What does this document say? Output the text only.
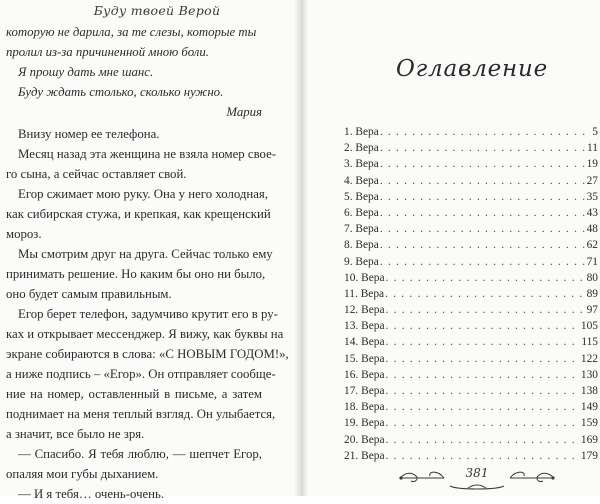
Буду твоей Верой
которую не дарила, за те слезы, которые ты
пролил из-за причиненной мною боли.
Я прошу дать мне шанс.
Буду ждать столько, сколько нужно.
Мария
Внизу номер ее телефона.
Месяц назад эта женщина не взяла номер свое-
го сына, а сейчас оставляет свой.
Егор сжимает мою руку. Она у него холодная,
как сибирская стужа, и крепкая, как крещенский
мороз.
Мы смотрим друг на друга. Сейчас только ему
принимать решение. Но каким бы оно ни было,
оно будет самым правильным.
Егор берет телефон, задумчиво крутит его в ру-
ках и открывает мессенджер. Я вижу, как буквы на
экране собираются в слова: «С НОВЫМ ГОДОМ!»,
а ниже подпись – «Егор». Он отправляет сообще-
ние на номер, оставленный в письме, а затем
поднимает на меня теплый взгляд. Он улыбается,
а значит, все было не зря.
— Спасибо. Я тебя люблю, — шепчет Егор,
опаляя мои губы дыханием.
— И я тебя… очень-очень.
Оглавление
1.
Вера . . .	5
2.
Вера . . .	11
3.
Вера . . .	19
4.
Вера . . .	27
5.
Вера . . .	35
6.
Вера . . .	43
7.
Вера . . .	48
8.
Вера . . .	62
9.
Вера . . .	71
10.
Вера . . .	80
11.
Вера . . .	89
12.
Вера . . .	97
13.
Вера . . .	105
14.
Вера . . .	115
15.
Вера . . .	122
16.
Вера . . .	130
17.
Вера . . .	138
18.
Вера . . .	149
19.
Вера . . .	159
20.
Вера . . .	169
21.
Вера . . .	179
381
